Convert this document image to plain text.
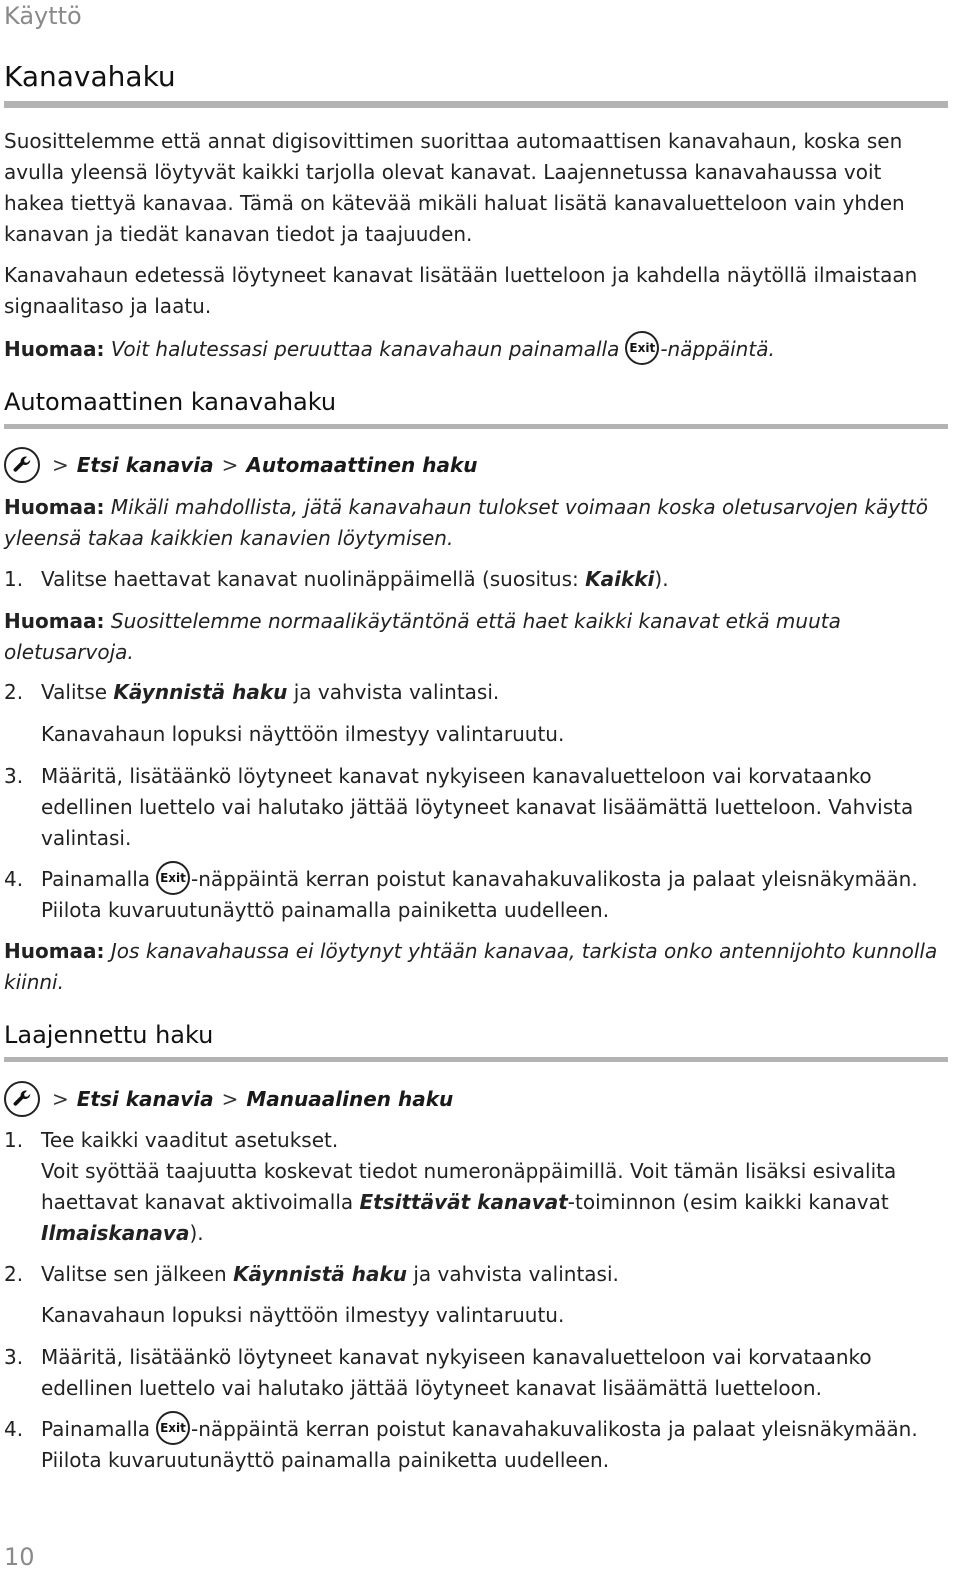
Käyttö
Kanavahaku
Suosittelemme että annat digisovittimen suorittaa automaattisen kanavahaun, koska sen avulla yleensä löytyvät kaikki tarjolla olevat kanavat. Laajennetussa kanavahaussa voit hakea tiettyä kanavaa. Tämä on kätevää mikäli haluat lisätä kanavaluetteloon vain yhden kanavan ja tiedät kanavan tiedot ja taajuuden.
Kanavahaun edetessä löytyneet kanavat lisätään luetteloon ja kahdella näytöllä ilmaistaan signaalitaso ja laatu.
Huomaa: Voit halutessasi peruuttaa kanavahaun painamalla Exit -näppäintä.
Automaattinen kanavahaku
> Etsi kanavia > Automaattinen haku
Huomaa: Mikäli mahdollista, jätä kanavahaun tulokset voimaan koska oletusarvojen käyttö yleensä takaa kaikkien kanavien löytymisen.
1. Valitse haettavat kanavat nuolinäppäimellä (suositus: Kaikki).
Huomaa: Suosittelemme normaalikäytäntönä että haet kaikki kanavat etkä muuta oletusarvoja.
2. Valitse Käynnistä haku ja vahvista valintasi.
Kanavahaun lopuksi näyttöön ilmestyy valintaruutu.
3. Määritä, lisätäänkö löytyneet kanavat nykyiseen kanavaluetteloon vai korvataanko edellinen luettelo vai halutako jättää löytyneet kanavat lisäämättä luetteloon. Vahvista valintasi.
4. Painamalla Exit -näppäintä kerran poistut kanavahakuvalikosta ja palaat yleisnäkymään. Piilota kuvaruutunäyttö painamalla painiketta uudelleen.
Huomaa: Jos kanavahaussa ei löytynyt yhtään kanavaa, tarkista onko antennijohto kunnolla kiinni.
Laajennettu haku
> Etsi kanavia > Manuaalinen haku
1. Tee kaikki vaaditut asetukset.
Voit syöttää taajuutta koskevat tiedot numeronäppäimillä. Voit tämän lisäksi esivalita haettavat kanavat aktivoimalla Etsittävät kanavat-toiminnon (esim kaikki kanavat Ilmaiskanava).
2. Valitse sen jälkeen Käynnistä haku ja vahvista valintasi.
Kanavahaun lopuksi näyttöön ilmestyy valintaruutu.
3. Määritä, lisätäänkö löytyneet kanavat nykyiseen kanavaluetteloon vai korvataanko edellinen luettelo vai halutako jättää löytyneet kanavat lisäämättä luetteloon.
4. Painamalla Exit -näppäintä kerran poistut kanavahakuvalikosta ja palaat yleisnäkymään. Piilota kuvaruutunäyttö painamalla painiketta uudelleen.
10
